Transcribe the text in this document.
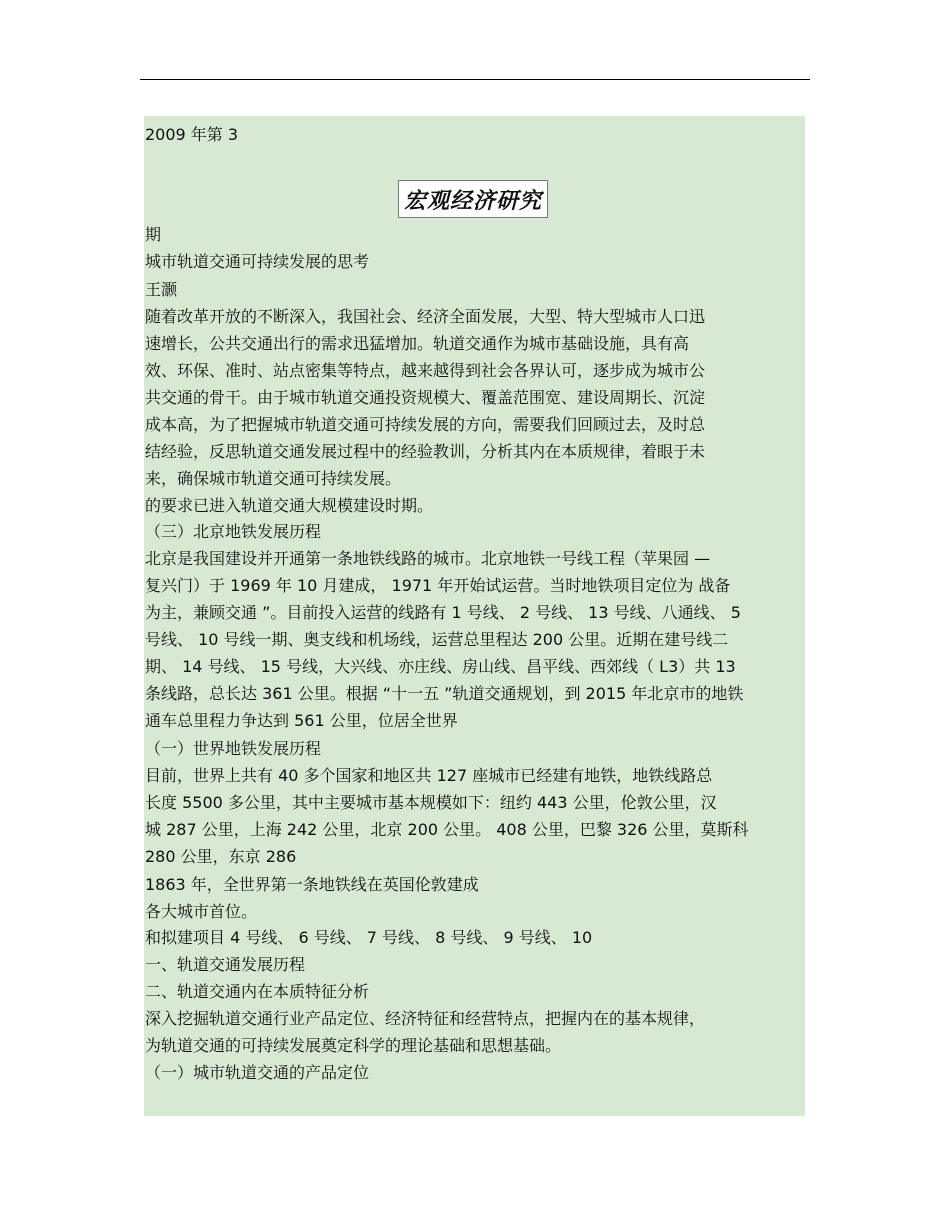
宏观经济研究
2009 年第 3
期
城市轨道交通可持续发展的思考
王灏
随着改革开放的不断深入，我国社会、经济全面发展，大型、特大型城市人口迅
速增长，公共交通出行的需求迅猛增加。轨道交通作为城市基础设施，具有高
效、环保、准时、站点密集等特点，越来越得到社会各界认可，逐步成为城市公
共交通的骨干。由于城市轨道交通投资规模大、覆盖范围宽、建设周期长、沉淀
成本高，为了把握城市轨道交通可持续发展的方向，需要我们回顾过去，及时总
结经验，反思轨道交通发展过程中的经验教训，分析其内在本质规律，着眼于未
来，确保城市轨道交通可持续发展。
的要求已进入轨道交通大规模建设时期。
（三）北京地铁发展历程
北京是我国建设并开通第一条地铁线路的城市。北京地铁一号线工程（苹果园 —
复兴门）于 1969 年 10 月建成， 1971 年开始试运营。当时地铁项目定位为 战备
为主，兼顾交通 ”。目前投入运营的线路有 1 号线、 2 号线、 13 号线、八通线、 5
号线、 10 号线一期、奥支线和机场线，运营总里程达 200 公里。近期在建号线二
期、 14 号线、 15 号线，大兴线、亦庄线、房山线、昌平线、西郊线（ L3）共 13
条线路，总长达 361 公里。根据 “十一五 ”轨道交通规划，到 2015 年北京市的地铁
通车总里程力争达到 561 公里，位居全世界
（一）世界地铁发展历程
目前，世界上共有 40 多个国家和地区共 127 座城市已经建有地铁，地铁线路总
长度 5500 多公里，其中主要城市基本规模如下：纽约 443 公里，伦敦公里，汉
城 287 公里，上海 242 公里，北京 200 公里。 408 公里，巴黎 326 公里，莫斯科
280 公里，东京 286
1863 年，全世界第一条地铁线在英国伦敦建成
各大城市首位。
和拟建项目 4 号线、 6 号线、 7 号线、 8 号线、 9 号线、 10
一、轨道交通发展历程
二、轨道交通内在本质特征分析
深入挖掘轨道交通行业产品定位、经济特征和经营特点，把握内在的基本规律，
为轨道交通的可持续发展奠定科学的理论基础和思想基础。
（一）城市轨道交通的产品定位
